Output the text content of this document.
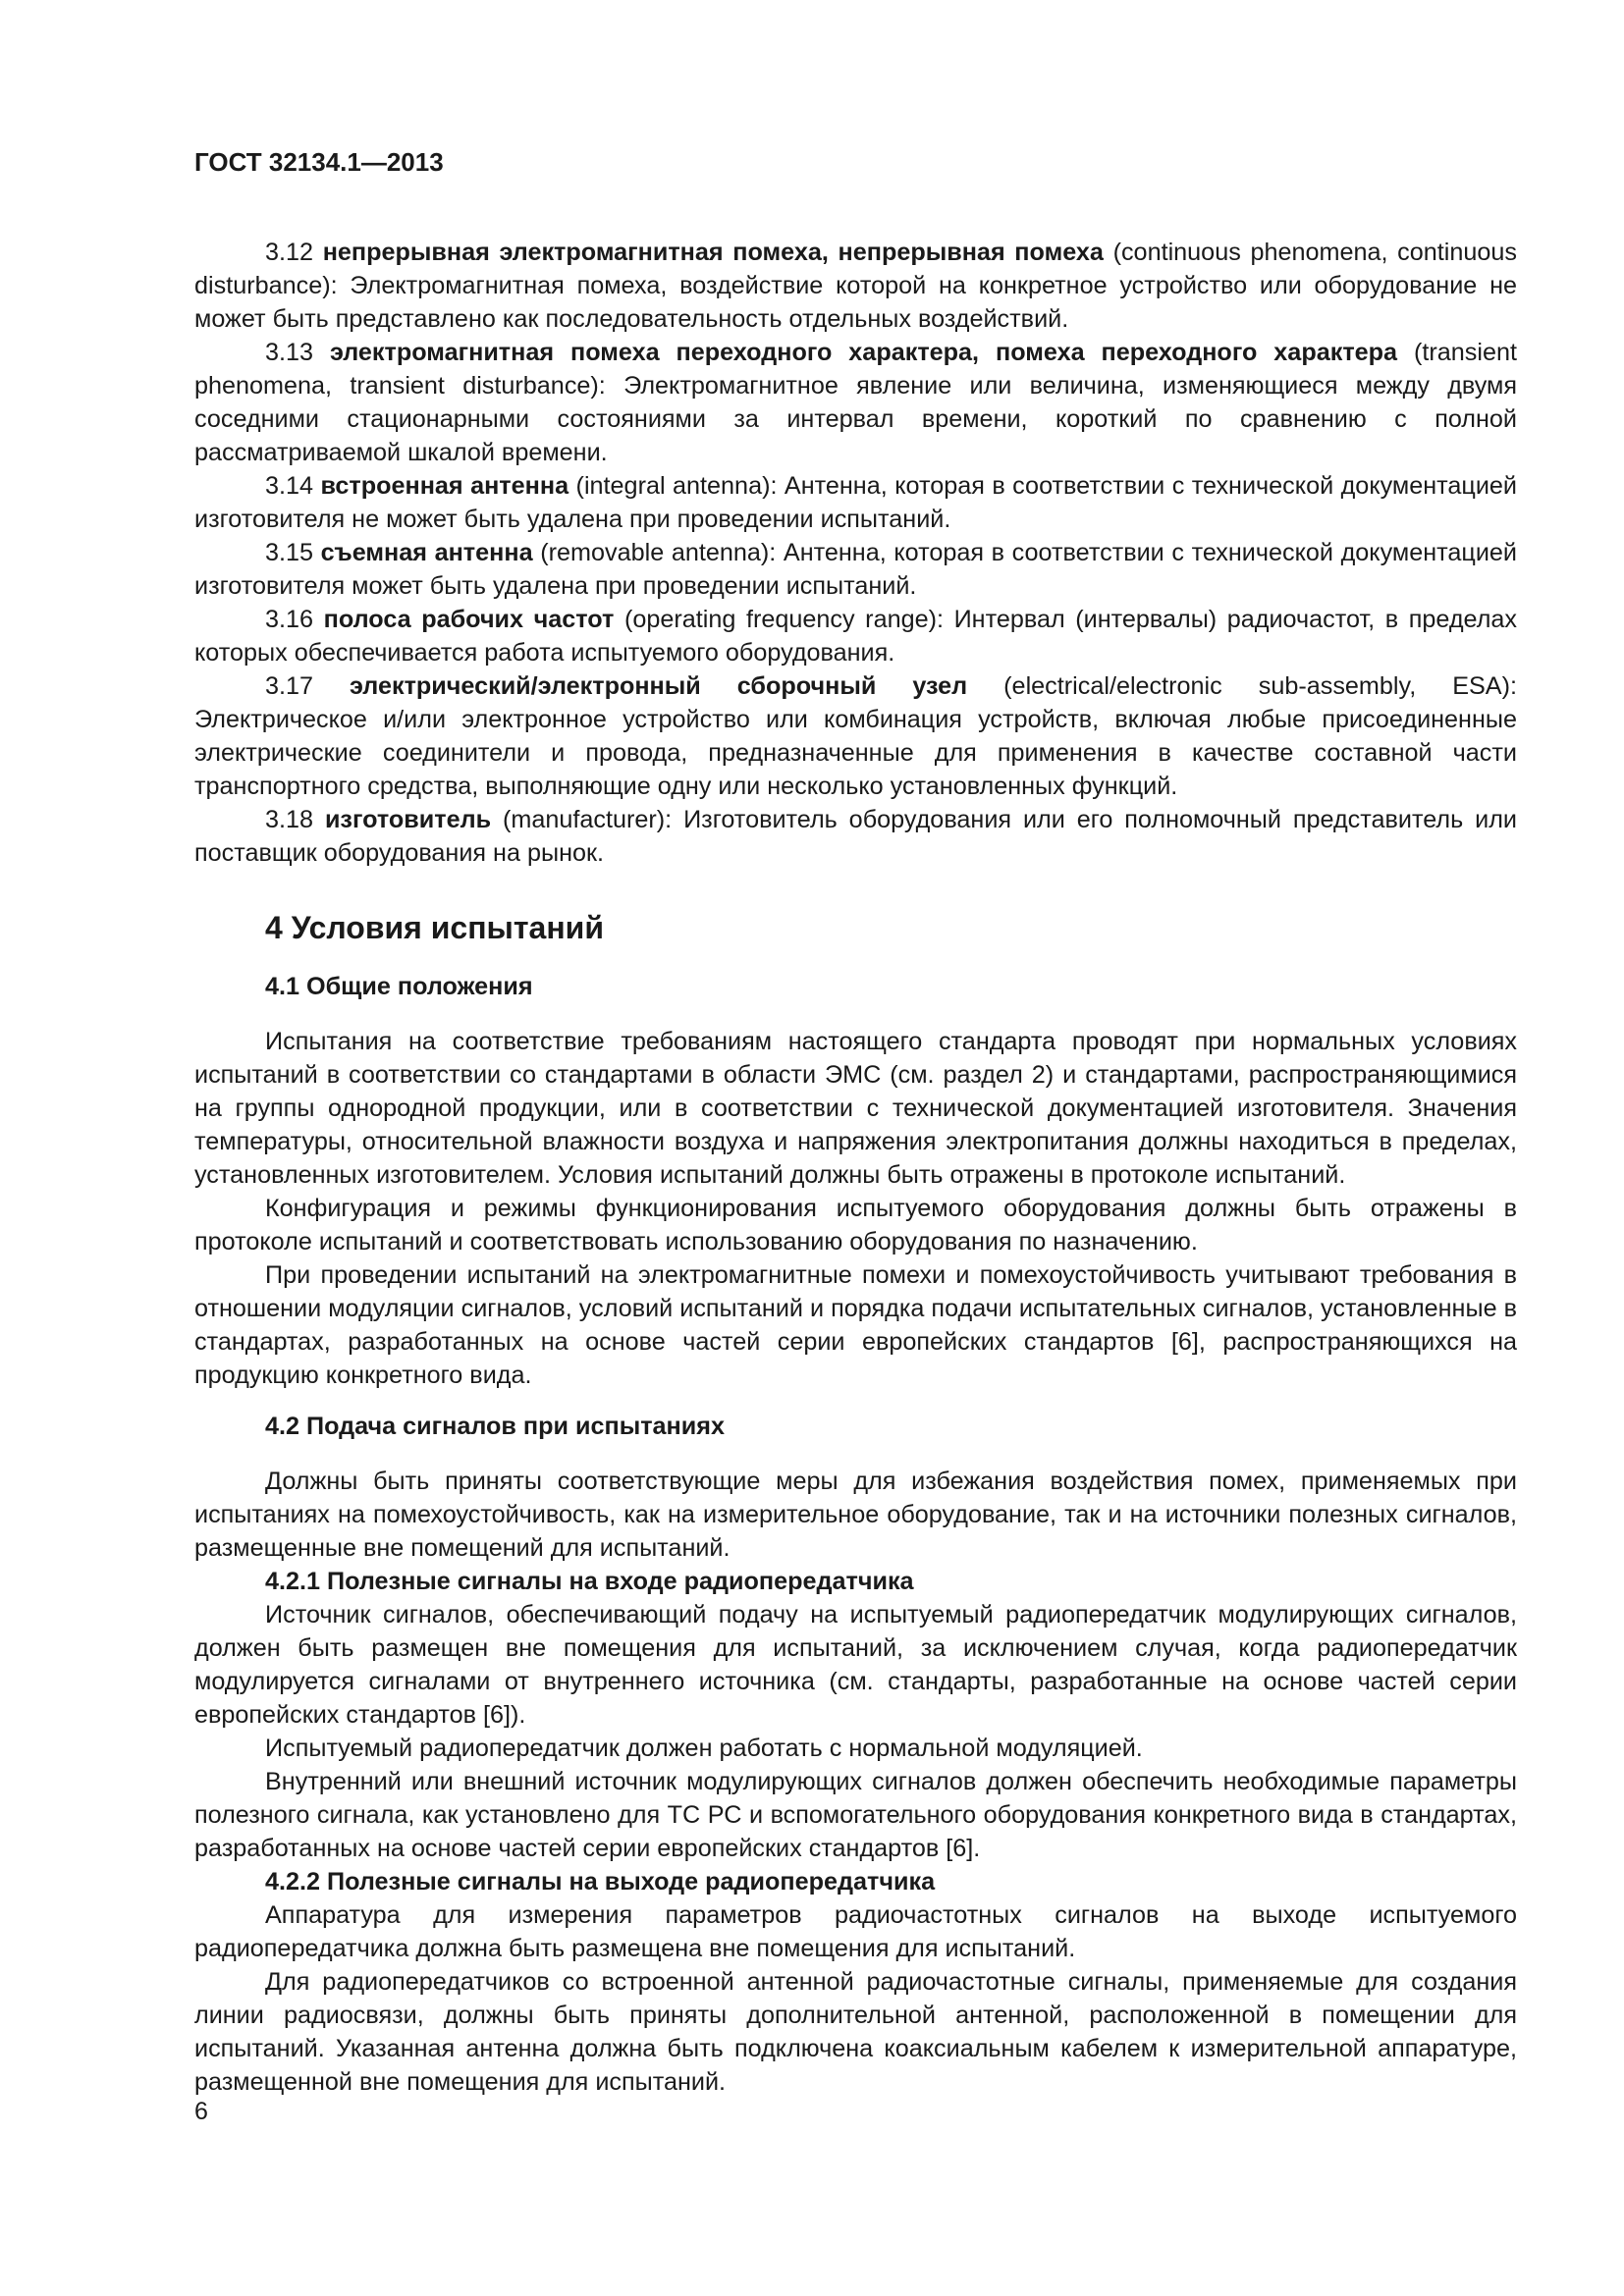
ГОСТ 32134.1—2013

3.12 непрерывная электромагнитная помеха, непрерывная помеха (continuous phenomena, continuous disturbance): Электромагнитная помеха, воздействие которой на конкретное устройство или оборудование не может быть представлено как последовательность отдельных воздействий.

3.13 электромагнитная помеха переходного характера, помеха переходного характера (transient phenomena, transient disturbance): Электромагнитное явление или величина, изменяющиеся между двумя соседними стационарными состояниями за интервал времени, короткий по сравнению с полной рассматриваемой шкалой времени.

3.14 встроенная антенна (integral antenna): Антенна, которая в соответствии с технической документацией изготовителя не может быть удалена при проведении испытаний.

3.15 съемная антенна (removable antenna): Антенна, которая в соответствии с технической документацией изготовителя может быть удалена при проведении испытаний.

3.16 полоса рабочих частот (operating frequency range): Интервал (интервалы) радиочастот, в пределах которых обеспечивается работа испытуемого оборудования.

3.17 электрический/электронный сборочный узел (electrical/electronic sub-assembly, ESA): Электрическое и/или электронное устройство или комбинация устройств, включая любые присоединенные электрические соединители и провода, предназначенные для применения в качестве составной части транспортного средства, выполняющие одну или несколько установленных функций.

3.18 изготовитель (manufacturer): Изготовитель оборудования или его полномочный представитель или поставщик оборудования на рынок.

4 Условия испытаний
4.1 Общие положения

Испытания на соответствие требованиям настоящего стандарта проводят при нормальных условиях испытаний в соответствии со стандартами в области ЭМС (см. раздел 2) и стандартами, распространяющимися на группы однородной продукции, или в соответствии с технической документацией изготовителя. Значения температуры, относительной влажности воздуха и напряжения электропитания должны находиться в пределах, установленных изготовителем. Условия испытаний должны быть отражены в протоколе испытаний.

Конфигурация и режимы функционирования испытуемого оборудования должны быть отражены в протоколе испытаний и соответствовать использованию оборудования по назначению.

При проведении испытаний на электромагнитные помехи и помехоустойчивость учитывают требования в отношении модуляции сигналов, условий испытаний и порядка подачи испытательных сигналов, установленные в стандартах, разработанных на основе частей серии европейских стандартов [6], распространяющихся на продукцию конкретного вида.

4.2 Подача сигналов при испытаниях

Должны быть приняты соответствующие меры для избежания воздействия помех, применяемых при испытаниях на помехоустойчивость, как на измерительное оборудование, так и на источники полезных сигналов, размещенные вне помещений для испытаний.

4.2.1 Полезные сигналы на входе радиопередатчика

Источник сигналов, обеспечивающий подачу на испытуемый радиопередатчик модулирующих сигналов, должен быть размещен вне помещения для испытаний, за исключением случая, когда радиопередатчик модулируется сигналами от внутреннего источника (см. стандарты, разработанные на основе частей серии европейских стандартов [6]).

Испытуемый радиопередатчик должен работать с нормальной модуляцией.

Внутренний или внешний источник модулирующих сигналов должен обеспечить необходимые параметры полезного сигнала, как установлено для ТС РС и вспомогательного оборудования конкретного вида в стандартах, разработанных на основе частей серии европейских стандартов [6].

4.2.2 Полезные сигналы на выходе радиопередатчика

Аппаратура для измерения параметров радиочастотных сигналов на выходе испытуемого радиопередатчика должна быть размещена вне помещения для испытаний.

Для радиопередатчиков со встроенной антенной радиочастотные сигналы, применяемые для создания линии радиосвязи, должны быть приняты дополнительной антенной, расположенной в помещении для испытаний. Указанная антенна должна быть подключена коаксиальным кабелем к измерительной аппаратуре, размещенной вне помещения для испытаний.

6
